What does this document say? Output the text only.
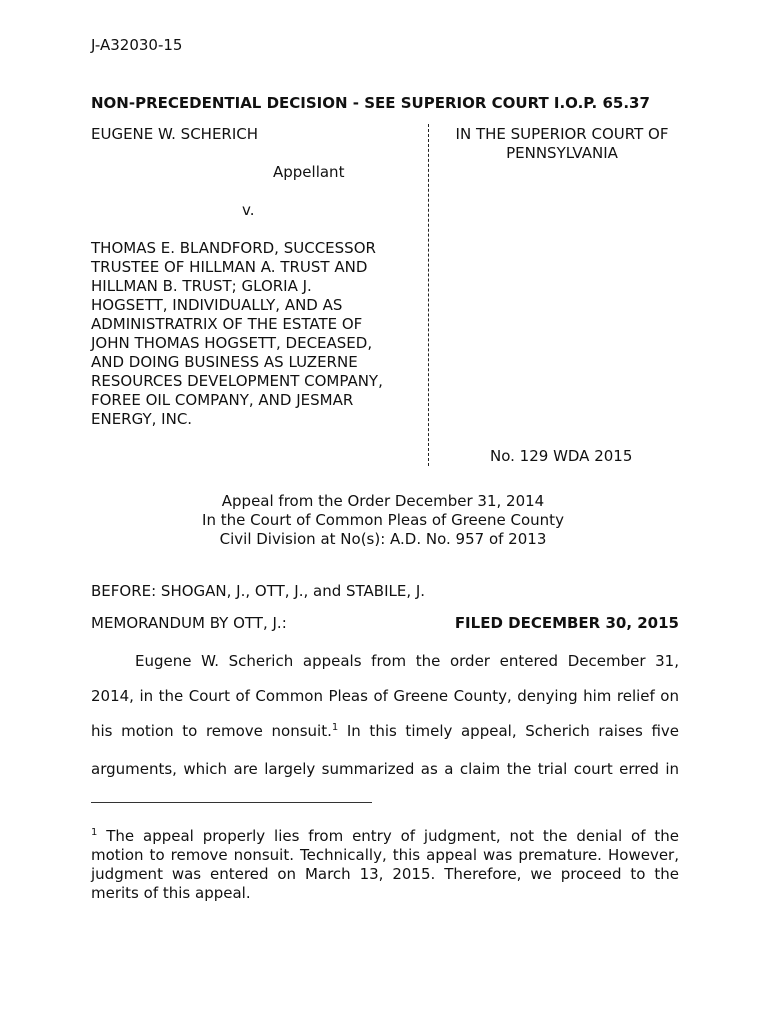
J-A32030-15
NON-PRECEDENTIAL DECISION - SEE SUPERIOR COURT I.O.P. 65.37
EUGENE W. SCHERICH
Appellant
v.
THOMAS E. BLANDFORD, SUCCESSOR
TRUSTEE OF HILLMAN A. TRUST AND
HILLMAN B. TRUST; GLORIA J.
HOGSETT, INDIVIDUALLY, AND AS
ADMINISTRATRIX OF THE ESTATE OF
JOHN THOMAS HOGSETT, DECEASED,
AND DOING BUSINESS AS LUZERNE
RESOURCES DEVELOPMENT COMPANY,
FOREE OIL COMPANY, AND JESMAR
ENERGY, INC.
IN THE SUPERIOR COURT OF
PENNSYLVANIA
No. 129 WDA 2015
Appeal from the Order December 31, 2014
In the Court of Common Pleas of Greene County
Civil Division at No(s): A.D. No. 957 of 2013
BEFORE: SHOGAN, J., OTT, J., and STABILE, J.
MEMORANDUM BY OTT, J.:	FILED DECEMBER 30, 2015
Eugene W. Scherich appeals from the order entered December 31,
2014, in the Court of Common Pleas of Greene County, denying him relief on
his motion to remove nonsuit.$^1$ In this timely appeal, Scherich raises five
arguments, which are largely summarized as a claim the trial court erred in
$^1$ The appeal properly lies from entry of judgment, not the denial of the motion to remove nonsuit. Technically, this appeal was premature. However, judgment was entered on March 13, 2015. Therefore, we proceed to the merits of this appeal.
